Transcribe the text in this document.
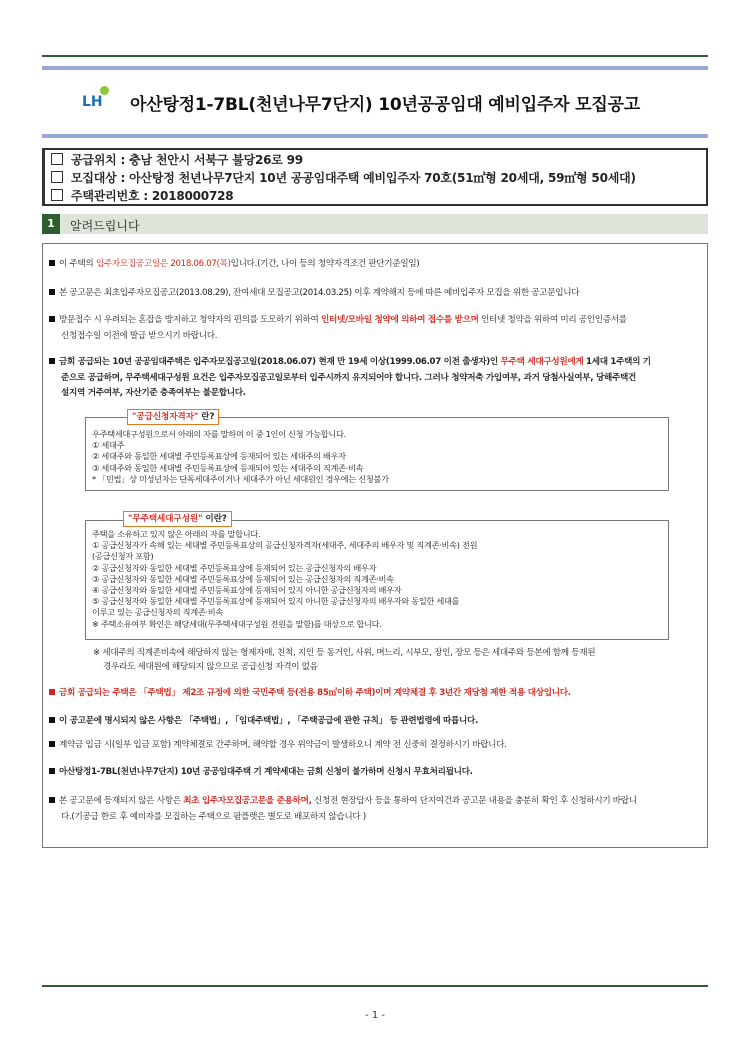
LH 아산탕정1-7BL(천년나무7단지) 10년공공임대 예비입주자 모집공고
공급위치 : 충남 천안시 서북구 불당26로 99
모집대상 : 아산탕정 천년나무7단지 10년 공공임대주택 예비입주자 70호(51㎡형 20세대, 59㎡형 50세대)
주택관리번호 : 2018000728
1	알려드립니다
이 주택의 입주자모집공고일은 2018.06.07(목)입니다.(기간, 나이 등의 청약자격조건 판단기준일임)
본 공고문은 최초입주자모집공고(2013.08.29), 잔여세대 모집공고(2014.03.25) 이후 계약해지 등에 따른 예비입주자 모집을 위한 공고문입니다
방문접수 시 우려되는 혼잡을 방지하고 청약자의 편의를 도모하기 위하여 인터넷/모바일 청약에 의하여 접수를 받으며 인터넷 청약을 위하여 미리 공인인증서를
신청접수일 이전에 발급 받으시기 바랍니다.
금회 공급되는 10년 공공임대주택은 입주자모집공고일(2018.06.07) 현재 만 19세 이상(1999.06.07 이전 출생자)인 무주택 세대구성원에게 1세대 1주택의 기
준으로 공급하며, 무주택세대구성원 요건은 입주자모집공고일로부터 입주시까지 유지되어야 합니다. 그러나 청약저축 가입여부, 과거 당첨사실여부, 당해주택건
설지역 거주여부, 자산기준 충족여부는 불문합니다.
우주택세대구성원으로서 아래의 자를 말하며 이 중 1인이 신청 가능합니다.
① 세대주
② 세대주와 동일한 세대별 주민등록표상에 등재되어 있는 세대주의 배우자
③ 세대주와 동일한 세대별 주민등록표상에 등재되어 있는 세대주의 직계존·비속
* 「민법」상 미성년자는 단독세대주이거나 세대주가 아닌 세대원인 경우에는 신청불가
"공급신청자격자" 란?
주택을 소유하고 있지 않은 아래의 자를 말합니다.
① 공급신청자가 속해 있는 세대별 주민등록표상의 공급신청자격자(세대주, 세대주의 배우자 및 직계존·비속) 전원
(공급신청자 포함)
② 공급신청자와 동일한 세대별 주민등록표상에 등재되어 있는 공급신청자의 배우자
③ 공급신청자와 동일한 세대별 주민등록표상에 등재되어 있는 공급신청자의 직계존·비속
④ 공급신청자와 동일한 세대별 주민등록표상에 등재되어 있지 아니한 공급신청자의 배우자
⑤ 공급신청자와 동일한 세대별 주민등록표상에 등재되어 있지 아니한 공급신청자의 배우자와 동일한 세대를
이루고 있는 공급신청자의 직계존·비속
※ 주택소유여부 확인은 해당세대(무주택세대구성원 전원을 말함)를 대상으로 합니다.
"무주택세대구성원" 이란?
※ 세대주의 직계존비속에 해당하지 않는 형제자매, 친척, 지인 등 동거인, 사위, 며느리, 시부모, 장인, 장모 등은 세대주와 등본에 함께 등재된
경우라도 세대원에 해당되지 않으므로 공급신청 자격이 없음
금회 공급되는 주택은 「주택법」 제2조 규정에 의한 국민주택 등(전용 85㎡이하 주택)이며 계약체결 후 3년간 재당첨 제한 적용 대상입니다.
이 공고문에 명시되지 않은 사항은 「주택법」, 「임대주택법」, 「주택공급에 관한 규칙」 등 관련법령에 따릅니다.
계약금 입금 시(일부 입금 포함) 계약체결로 간주하며, 해약할 경우 위약금이 발생하오니 계약 전 신중히 결정하시기 바랍니다.
아산탕정1-7BL(천년나무7단지) 10년 공공임대주택 기 계약세대는 금회 신청이 불가하며 신청시 무효처리됩니다.
본 공고문에 등재되지 않은 사항은 최초 입주자모집공고문을 준용하며, 신청전 현장답사 등을 통하여 단지여건과 공고문 내용을 충분히 확인 후 신청하시기 바랍니
다.(기공급 한로 후 예비자를 모집하는 주택으로 팜플렛은 별도로 배포하지 않습니다 )
- 1 -
